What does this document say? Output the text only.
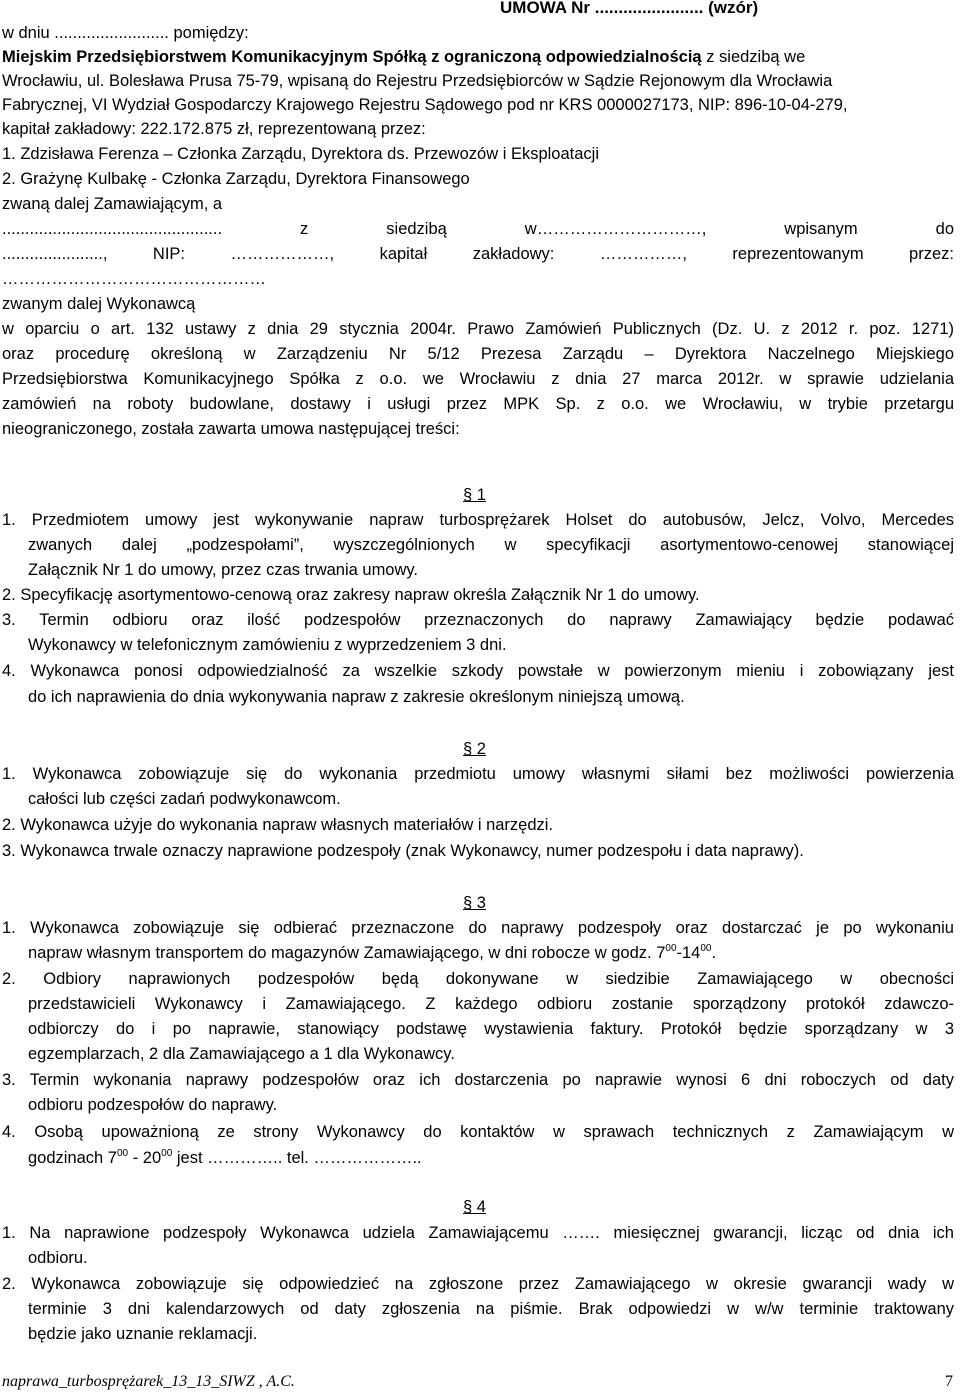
UMOWA Nr ....................... (wzór)
w dniu ......................... pomiędzy:
Miejskim Przedsiębiorstwem Komunikacyjnym Spółką z ograniczoną odpowiedzialnością z siedzibą we
Wrocławiu, ul. Bolesława Prusa 75-79, wpisaną do Rejestru Przedsiębiorców w Sądzie Rejonowym dla Wrocławia
Fabrycznej, VI Wydział Gospodarczy Krajowego Rejestru Sądowego pod nr KRS 0000027173, NIP: 896-10-04-279,
kapitał zakładowy: 222.172.875 zł, reprezentowaną przez:
1. Zdzisława Ferenza – Członka Zarządu, Dyrektora ds. Przewozów i Eksploatacji
2. Grażynę Kulbakę - Członka Zarządu, Dyrektora Finansowego
zwaną dalej Zamawiającym, a
................................................ z siedzibą w…………………………, wpisanym do
......................, NIP: ………………, kapitał zakładowy: ……………, reprezentowanym przez:
…………………………………………
zwanym dalej Wykonawcą
w oparciu o art. 132 ustawy z dnia 29 stycznia 2004r. Prawo Zamówień Publicznych (Dz. U. z 2012 r. poz. 1271)
oraz procedurę określoną w Zarządzeniu Nr 5/12 Prezesa Zarządu – Dyrektora Naczelnego Miejskiego
Przedsiębiorstwa Komunikacyjnego Spółka z o.o. we Wrocławiu z dnia 27 marca 2012r. w sprawie udzielania
zamówień na roboty budowlane, dostawy i usługi przez MPK Sp. z o.o. we Wrocławiu, w trybie przetargu
nieograniczonego, została zawarta umowa następującej treści:
§ 1
1. Przedmiotem umowy jest wykonywanie napraw turbosprężarek Holset do autobusów, Jelcz, Volvo, Mercedes
zwanych dalej „podzespołami”, wyszczególnionych w specyfikacji asortymentowo-cenowej stanowiącej
Załącznik Nr 1 do umowy, przez czas trwania umowy.
2. Specyfikację asortymentowo-cenową oraz zakresy napraw określa Załącznik Nr 1 do umowy.
3. Termin odbioru oraz ilość podzespołów przeznaczonych do naprawy Zamawiający będzie podawać
Wykonawcy w telefonicznym zamówieniu z wyprzedzeniem 3 dni.
4. Wykonawca ponosi odpowiedzialność za wszelkie szkody powstałe w powierzonym mieniu i zobowiązany jest
do ich naprawienia do dnia wykonywania napraw z zakresie określonym niniejszą umową.
§ 2
1. Wykonawca zobowiązuje się do wykonania przedmiotu umowy własnymi siłami bez możliwości powierzenia
całości lub części zadań podwykonawcom.
2. Wykonawca użyje do wykonania napraw własnych materiałów i narzędzi.
3. Wykonawca trwale oznaczy naprawione podzespoły (znak Wykonawcy, numer podzespołu i data naprawy).
§ 3
1. Wykonawca zobowiązuje się odbierać przeznaczone do naprawy podzespoły oraz dostarczać je po wykonaniu
napraw własnym transportem do magazynów Zamawiającego, w dni robocze w godz. $7^{00}-14^{00}$.
2. Odbiory naprawionych podzespołów będą dokonywane w siedzibie Zamawiającego w obecności
przedstawicieli Wykonawcy i Zamawiającego. Z każdego odbioru zostanie sporządzony protokół zdawczo-
odbiorczy do i po naprawie, stanowiący podstawę wystawienia faktury. Protokół będzie sporządzany w 3
egzemplarzach, 2 dla Zamawiającego a 1 dla Wykonawcy.
3. Termin wykonania naprawy podzespołów oraz ich dostarczenia po naprawie wynosi 6 dni roboczych od daty
odbioru podzespołów do naprawy.
4. Osobą upoważnioną ze strony Wykonawcy do kontaktów w sprawach technicznych z Zamawiającym w
godzinach $7^{00} - 20^{00}$ jest ………….. tel. ………………..
§ 4
1. Na naprawione podzespoły Wykonawca udziela Zamawiającemu ……. miesięcznej gwarancji, licząc od dnia ich
odbioru.
2. Wykonawca zobowiązuje się odpowiedzieć na zgłoszone przez Zamawiającego w okresie gwarancji wady w
terminie 3 dni kalendarzowych od daty zgłoszenia na piśmie. Brak odpowiedzi w w/w terminie traktowany
będzie jako uznanie reklamacji.
naprawa_turbosprężarek_13_13_SIWZ , A.C.	7
